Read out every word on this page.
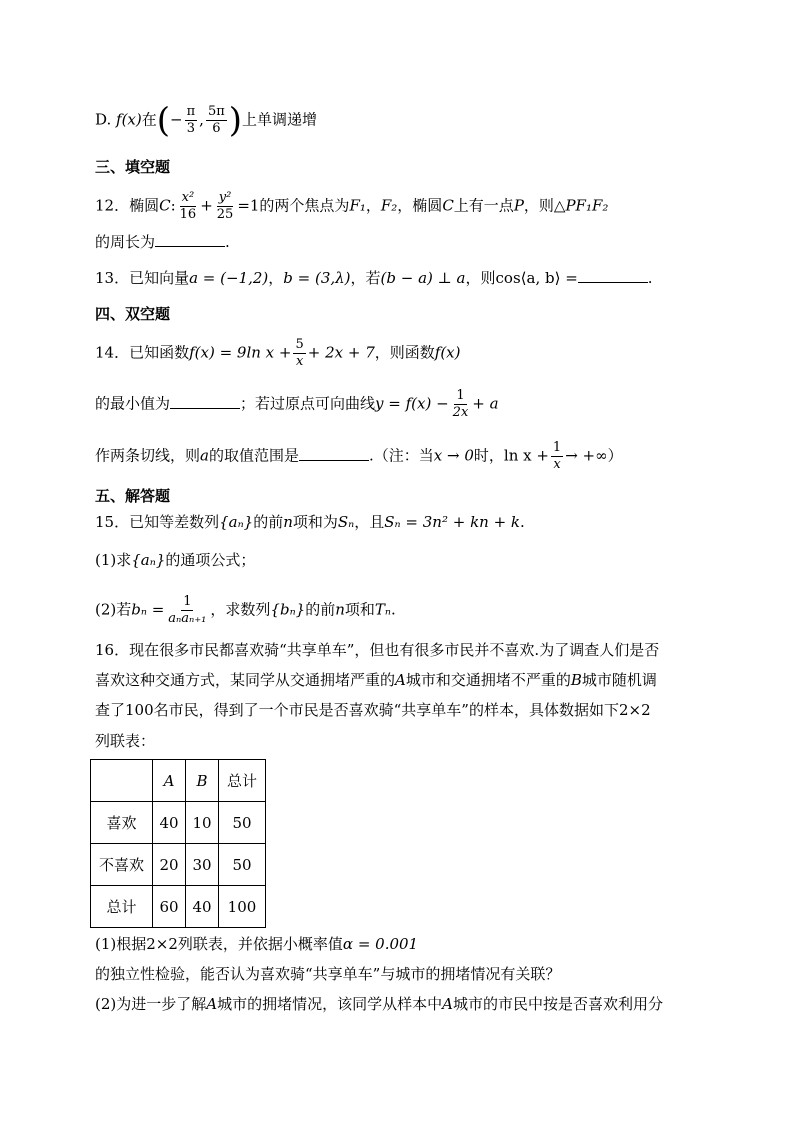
D. f(x)在(− $\frac{\pi}{3}$ , $\frac{5\pi}{6}$ )上单调递增
三、填空题
12．椭圆C: $\frac{\text{x²}}{16} + \frac{\text{y²}}{25} =1$的两个焦点为F₁，F₂，椭圆C上有一点P，则△PF₁F₂
的周长为	.
13．已知向量a = (−1,2)，b = (3,λ)，若(b − a) ⊥ a，则cos⟨a, b⟩ =	.
四、双空题
14．已知函数f(x) = 9ln $x + \frac{5}{x} + 2x + 7$，则函数f(x)
的最小值为	；若过原点可向曲线$y = f(x) - \frac{1}{2x} + a$
作两条切线，则a的取值范围是	.（注：当x → 0时，$\ln x + \frac{1}{x}$ → +∞）
五、解答题
15．已知等差数列{aₙ}的前n项和为Sₙ，且Sₙ = 3n² + kn + k.
(1)求{aₙ}的通项公式；
(2)若$b_n = \frac{1}{\text{aₙaₙ₊₁}}$ ，求数列{bₙ}的前n项和Tₙ.
16．现在很多市民都喜欢骑“共享单车”，但也有很多市民并不喜欢.为了调查人们是否
喜欢这种交通方式，某同学从交通拥堵严重的A城市和交通拥堵不严重的B城市随机调
查了100名市民，得到了一个市民是否喜欢骑“共享单车”的样本，具体数据如下2×2
列联表：
	A	B	总计
喜欢	40	10	50
不喜欢	20	30	50
总计	60	40	100
(1)根据2×2列联表，并依据小概率值α = 0.001
的独立性检验，能否认为喜欢骑“共享单车”与城市的拥堵情况有关联？
(2)为进一步了解A城市的拥堵情况，该同学从样本中A城市的市民中按是否喜欢利用分
